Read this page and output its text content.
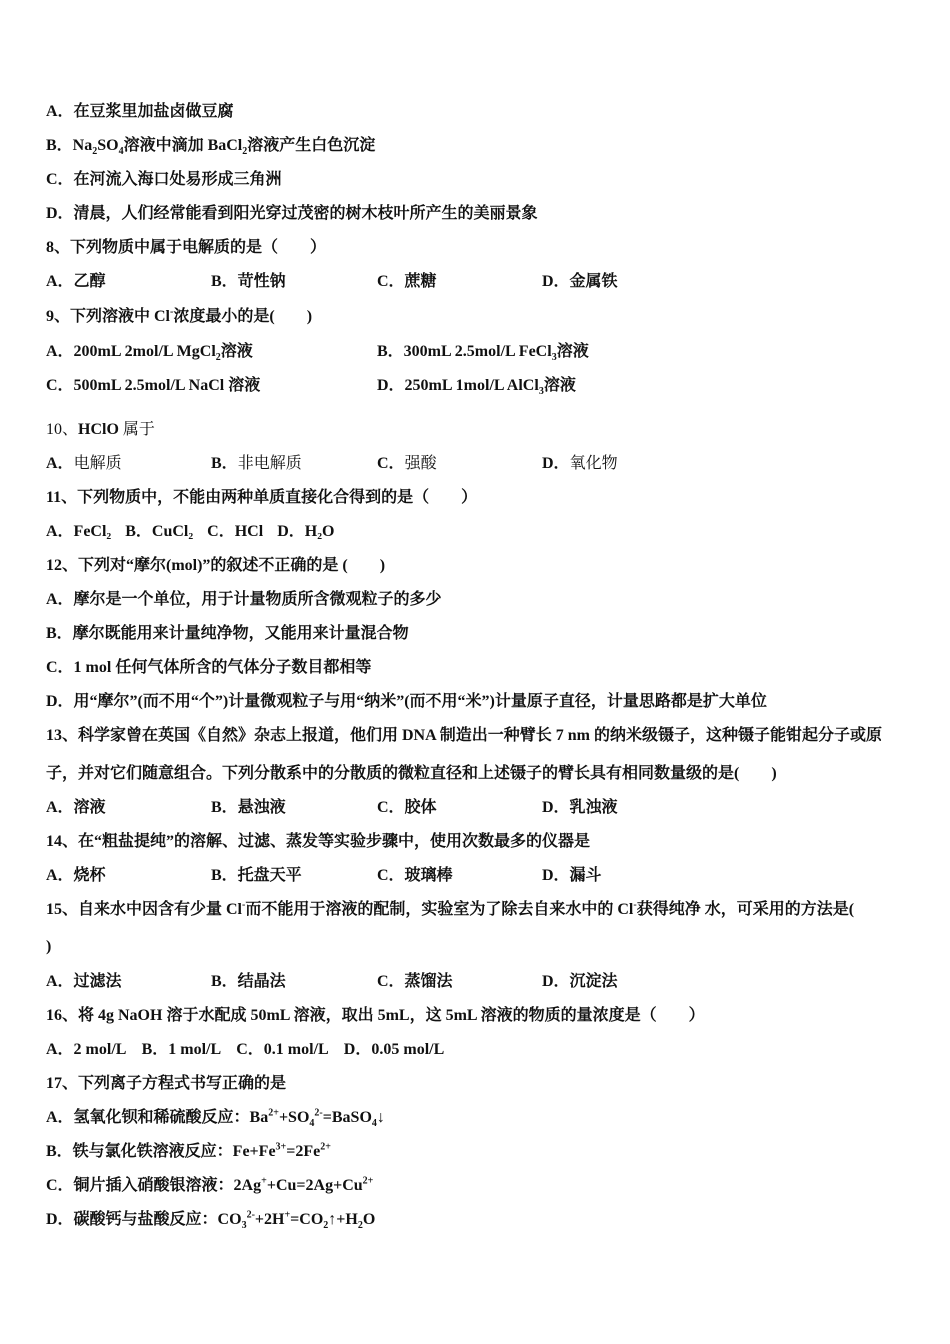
A．在豆浆里加盐卤做豆腐
B．$Na_2SO_4$溶液中滴加 BaCl$_2$溶液产生白色沉淀
C．在河流入海口处易形成三角洲
D．清晨，人们经常能看到阳光穿过茂密的树木枝叶所产生的美丽景象
8、下列物质中属于电解质的是（　　）
A．乙醇	B．苛性钠	C．蔗糖	D．金属铁
9、下列溶液中 Cl-浓度最小的是(　　)
A．200mL 2mol/L MgCl$_2$溶液	B．300mL 2.5mol/L FeCl$_3$溶液
C．500mL 2.5mol/L NaCl 溶液	D．250mL 1mol/L AlCl$_3$溶液
10、HClO 属于
A．电解质	B．非电解质	C．强酸	D．氧化物
11、下列物质中，不能由两种单质直接化合得到的是（　　）
A．FeCl₂ B．CuCl₂ C．HCl D．H₂O
12、下列对“摩尔(mol)”的叙述不正确的是 (　　)
A．摩尔是一个单位，用于计量物质所含微观粒子的多少
B．摩尔既能用来计量纯净物，又能用来计量混合物
C．1 mol 任何气体所含的气体分子数目都相等
D．用“摩尔”(而不用“个”)计量微观粒子与用“纳米”(而不用“米”)计量原子直径，计量思路都是扩大单位
13、科学家曾在英国《自然》杂志上报道，他们用 DNA 制造出一种臂长 7 nm 的纳米级镊子，这种镊子能钳起分子或原
子，并对它们随意组合。下列分散系中的分散质的微粒直径和上述镊子的臂长具有相同数量级的是(　　)
A．溶液	B．悬浊液	C．胶体	D．乳浊液
14、在“粗盐提纯”的溶解、过滤、蒸发等实验步骤中，使用次数最多的仪器是
A．烧杯	B．托盘天平	C．玻璃棒	D．漏斗
15、自来水中因含有少量 Cl-而不能用于溶液的配制，实验室为了除去自来水中的 Cl-获得纯净 水，可采用的方法是(
)
A．过滤法	B．结晶法	C．蒸馏法	D．沉淀法
16、将 4g NaOH 溶于水配成 50mL 溶液，取出 5mL，这 5mL 溶液的物质的量浓度是（　　）
A．2 mol/L　B．1 mol/L　C．0.1 mol/L　D．0.05 mol/L
17、下列离子方程式书写正确的是
A．氢氧化钡和稀硫酸反应：$Ba^{2+}+SO_4^{2-}=BaSO_4↓$
B．铁与氯化铁溶液反应：$Fe+Fe^{3+}=2Fe^{2+}$
C．铜片插入硝酸银溶液：$2Ag^++Cu=2Ag+Cu^{2+}$
D．碳酸钙与盐酸反应：$CO_3^{2-}+2H^+=CO_2↑+H_2O$
